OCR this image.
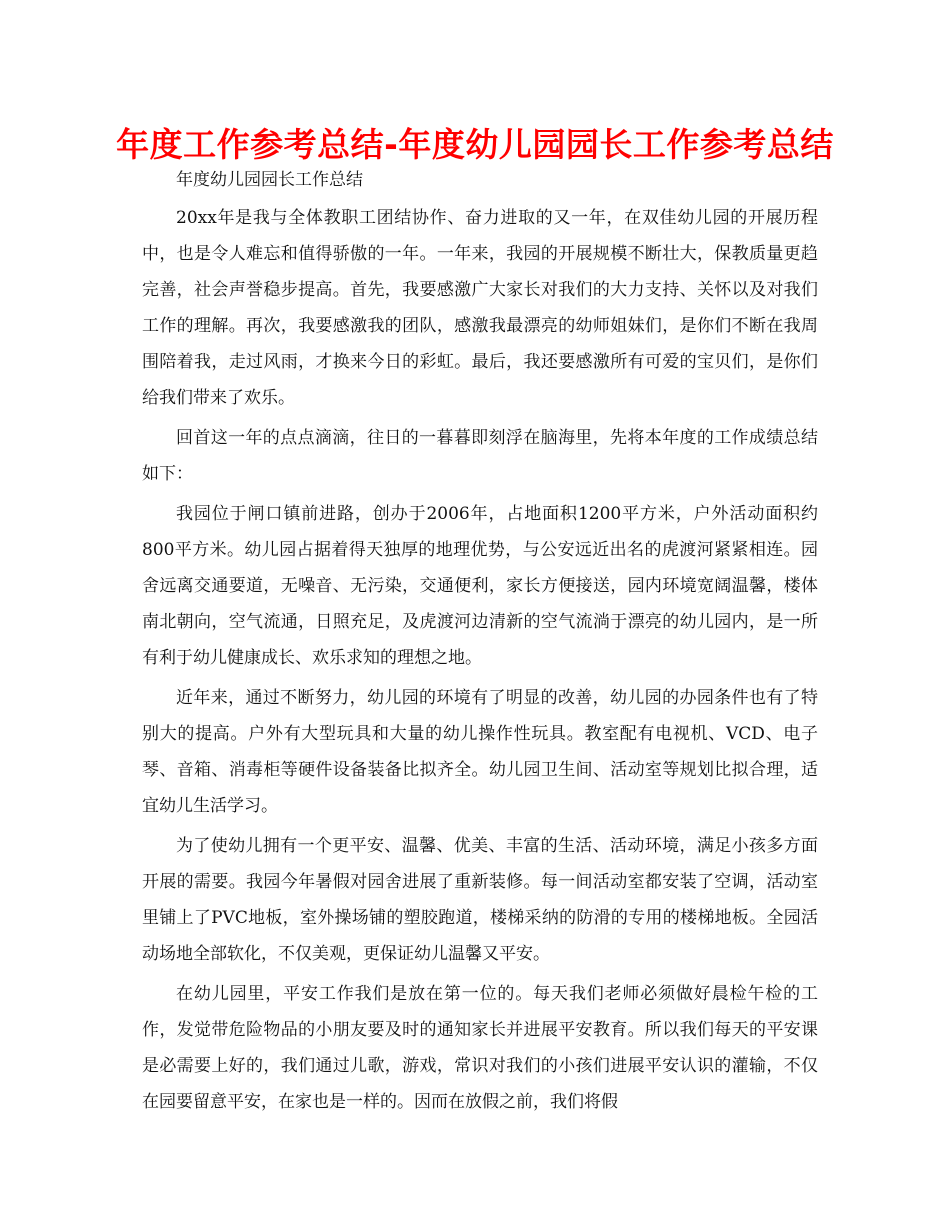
年度工作参考总结-年度幼儿园园长工作参考总结

年度幼儿园园长工作总结

20xx年是我与全体教职工团结协作、奋力进取的又一年，在双佳幼儿园的开展历程中，也是令人难忘和值得骄傲的一年。一年来，我园的开展规模不断壮大，保教质量更趋完善，社会声誉稳步提高。首先，我要感激广大家长对我们的大力支持、关怀以及对我们工作的理解。再次，我要感激我的团队，感激我最漂亮的幼师姐妹们，是你们不断在我周围陪着我，走过风雨，才换来今日的彩虹。最后，我还要感激所有可爱的宝贝们，是你们给我们带来了欢乐。

回首这一年的点点滴滴，往日的一暮暮即刻浮在脑海里，先将本年度的工作成绩总结如下：

我园位于闸口镇前进路，创办于2006年，占地面积1200平方米，户外活动面积约800平方米。幼儿园占据着得天独厚的地理优势，与公安远近出名的虎渡河紧紧相连。园舍远离交通要道，无噪音、无污染，交通便利，家长方便接送，园内环境宽阔温馨，楼体南北朝向，空气流通，日照充足，及虎渡河边清新的空气流淌于漂亮的幼儿园内，是一所有利于幼儿健康成长、欢乐求知的理想之地。

近年来，通过不断努力，幼儿园的环境有了明显的改善，幼儿园的办园条件也有了特别大的提高。户外有大型玩具和大量的幼儿操作性玩具。教室配有电视机、VCD、电子琴、音箱、消毒柜等硬件设备装备比拟齐全。幼儿园卫生间、活动室等规划比拟合理，适宜幼儿生活学习。

为了使幼儿拥有一个更平安、温馨、优美、丰富的生活、活动环境，满足小孩多方面开展的需要。我园今年暑假对园舍进展了重新装修。每一间活动室都安装了空调，活动室里铺上了PVC地板，室外操场铺的塑胶跑道，楼梯采纳的防滑的专用的楼梯地板。全园活动场地全部软化，不仅美观，更保证幼儿温馨又平安。

在幼儿园里，平安工作我们是放在第一位的。每天我们老师必须做好晨检午检的工作，发觉带危险物品的小朋友要及时的通知家长并进展平安教育。所以我们每天的平安课是必需要上好的，我们通过儿歌，游戏，常识对我们的小孩们进展平安认识的灌输，不仅在园要留意平安，在家也是一样的。因而在放假之前，我们将假
